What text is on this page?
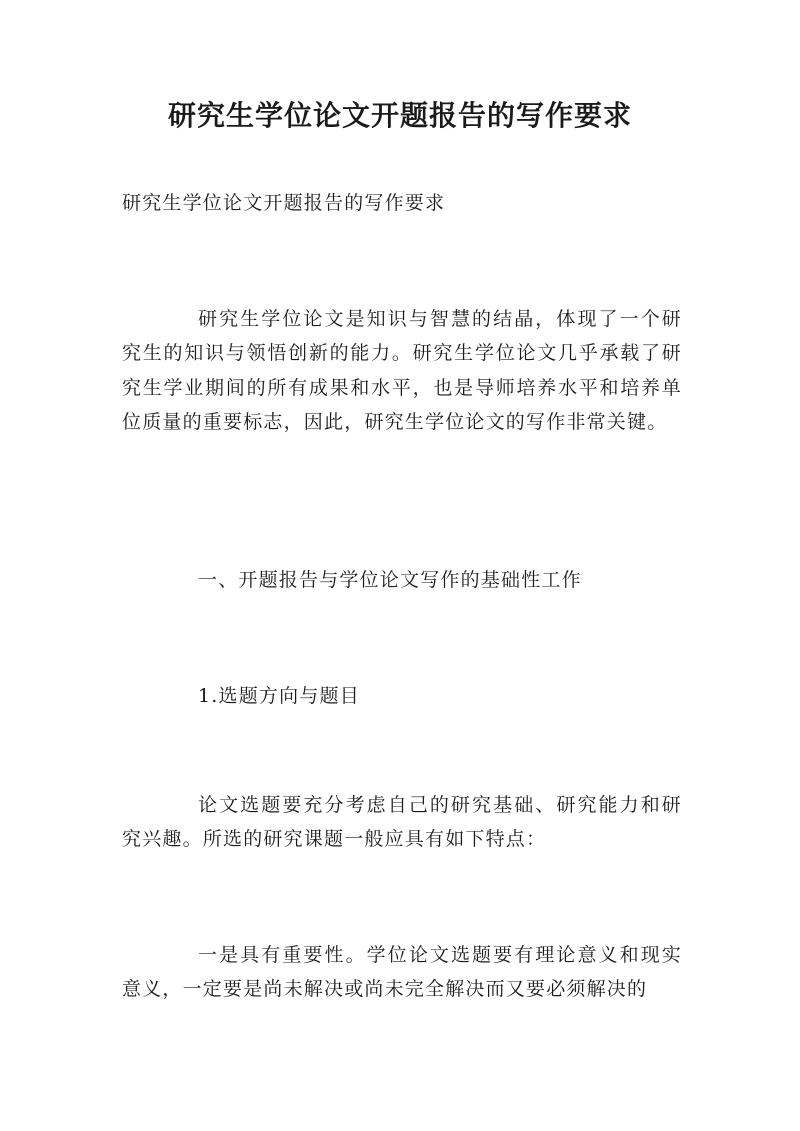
研究生学位论文开题报告的写作要求

研究生学位论文开题报告的写作要求

研究生学位论文是知识与智慧的结晶，体现了一个研究生的知识与领悟创新的能力。研究生学位论文几乎承载了研究生学业期间的所有成果和水平，也是导师培养水平和培养单位质量的重要标志，因此，研究生学位论文的写作非常关键。

一、开题报告与学位论文写作的基础性工作

1.选题方向与题目

论文选题要充分考虑自己的研究基础、研究能力和研究兴趣。所选的研究课题一般应具有如下特点：

一是具有重要性。学位论文选题要有理论意义和现实意义，一定要是尚未解决或尚未完全解决而又要必须解决的
